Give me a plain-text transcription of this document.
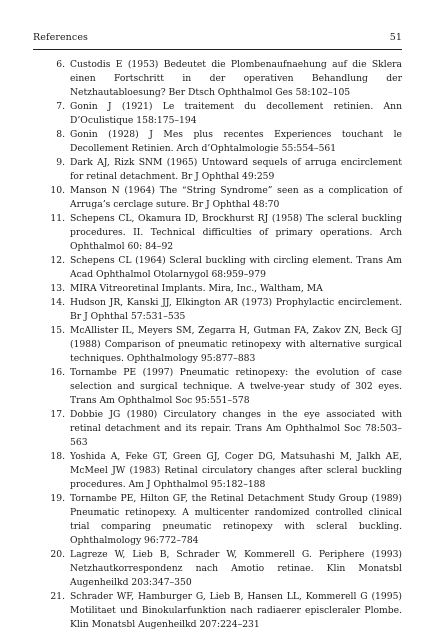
References	51
6. Custodis E (1953) Bedeutet die Plombenaufnaehung auf die Sklera einen Fortschritt in der operativen Behandlung der Netzhautabloesung? Ber Dtsch Ophthalmol Ges 58:102–105
7. Gonin J (1921) Le traitement du decollement retinien. Ann D’Oculistique 158:175–194
8. Gonin (1928) J Mes plus recentes Experiences touchant le Decollement Retinien. Arch d’Ophtalmologie 55:554–561
9. Dark AJ, Rizk SNM (1965) Untoward sequels of arruga encirclement for retinal detachment. Br J Ophthal 49:259
10. Manson N (1964) The “String Syndrome” seen as a complication of Arruga’s cerclage suture. Br J Ophthal 48:70
11. Schepens CL, Okamura ID, Brockhurst RJ (1958) The scleral buckling procedures. II. Technical difficulties of primary operations. Arch Ophthalmol 60: 84–92
12. Schepens CL (1964) Scleral buckling with circling element. Trans Am Acad Ophthalmol Otolarnygol 68:959–979
13. MIRA Vitreoretinal Implants. Mira, Inc., Waltham, MA
14. Hudson JR, Kanski JJ, Elkington AR (1973) Prophylactic encirclement. Br J Ophthal 57:531–535
15. McAllister IL, Meyers SM, Zegarra H, Gutman FA, Zakov ZN, Beck GJ (1988) Comparison of pneumatic retinopexy with alternative surgical techniques. Ophthalmology 95:877–883
16. Tornambe PE (1997) Pneumatic retinopexy: the evolution of case selection and surgical technique. A twelve-year study of 302 eyes. Trans Am Ophthalmol Soc 95:551–578
17. Dobbie JG (1980) Circulatory changes in the eye associated with retinal detachment and its repair. Trans Am Ophthalmol Soc 78:503–563
18. Yoshida A, Feke GT, Green GJ, Coger DG, Matsuhashi M, Jalkh AE, McMeel JW (1983) Retinal circulatory changes after scleral buckling procedures. Am J Ophthalmol 95:182–188
19. Tornambe PE, Hilton GF, the Retinal Detachment Study Group (1989) Pneumatic retinopexy. A multicenter randomized controlled clinical trial comparing pneumatic retinopexy with scleral buckling. Ophthalmology 96:772–784
20. Lagreze W, Lieb B, Schrader W, Kommerell G. Periphere (1993) Netzhautkorrespondenz nach Amotio retinae. Klin Monatsbl Augenheilkd 203:347–350
21. Schrader WF, Hamburger G, Lieb B, Hansen LL, Kommerell G (1995) Motilitaet und Binokularfunktion nach radiaerer episcleraler Plombe. Klin Monatsbl Augenheilkd 207:224–231
